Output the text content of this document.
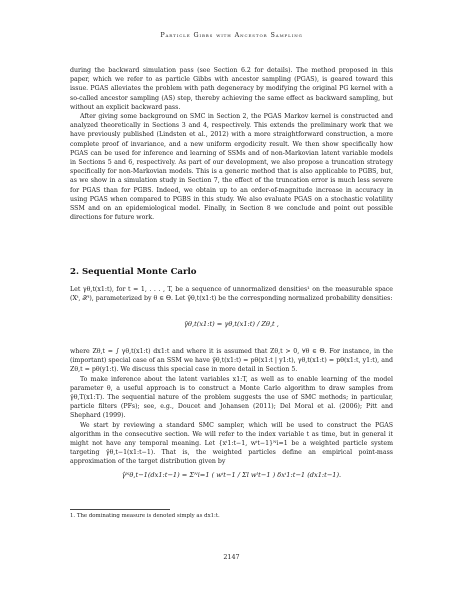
Particle Gibbs with Ancestor Sampling

during the backward simulation pass (see Section 6.2 for details). The method proposed in this paper, which we refer to as particle Gibbs with ancestor sampling (PGAS), is geared toward this issue. PGAS alleviates the problem with path degeneracy by modifying the original PG kernel with a so-called ancestor sampling (AS) step, thereby achieving the same effect as backward sampling, but without an explicit backward pass.

After giving some background on SMC in Section 2, the PGAS Markov kernel is constructed and analyzed theoretically in Sections 3 and 4, respectively. This extends the preliminary work that we have previously published (Lindsten et al., 2012) with a more straightforward construction, a more complete proof of invariance, and a new uniform ergodicity result. We then show specifically how PGAS can be used for inference and learning of SSMs and of non-Markovian latent variable models in Sections 5 and 6, respectively. As part of our development, we also propose a truncation strategy specifically for non-Markovian models. This is a generic method that is also applicable to PGBS, but, as we show in a simulation study in Section 7, the effect of the truncation error is much less severe for PGAS than for PGBS. Indeed, we obtain up to an order-of-magnitude increase in accuracy in using PGAS when compared to PGBS in this study. We also evaluate PGAS on a stochastic volatility SSM and on an epidemiological model. Finally, in Section 8 we conclude and point out possible directions for future work.

2. Sequential Monte Carlo

Let γθ,t(x1:t), for t = 1, . . . , T, be a sequence of unnormalized densities¹ on the measurable space (Xᵗ, 𝒳ᵗ), parameterized by θ ∈ Θ. Let γ̄θ,t(x1:t) be the corresponding normalized probability densities:

γ̄θ,t(x1:t) = γθ,t(x1:t) / Zθ,t ,

where Zθ,t = ∫ γθ,t(x1:t) dx1:t and where it is assumed that Zθ,t > 0, ∀θ ∈ Θ. For instance, in the (important) special case of an SSM we have γ̄θ,t(x1:t) = pθ(x1:t | y1:t), γθ,t(x1:t) = pθ(x1:t, y1:t), and Zθ,t = pθ(y1:t). We discuss this special case in more detail in Section 5.

To make inference about the latent variables x1:T, as well as to enable learning of the model parameter θ, a useful approach is to construct a Monte Carlo algorithm to draw samples from γ̄θ,T(x1:T). The sequential nature of the problem suggests the use of SMC methods; in particular, particle filters (PFs); see, e.g., Doucet and Johansen (2011); Del Moral et al. (2006); Pitt and Shephard (1999).

We start by reviewing a standard SMC sampler, which will be used to construct the PGAS algorithm in the consecutive section. We will refer to the index variable t as time, but in general it might not have any temporal meaning. Let {xⁱ1:t−1, wⁱt−1}ᴺi=1 be a weighted particle system targeting γ̄θ,t−1(x1:t−1). That is, the weighted particles define an empirical point-mass approximation of the target distribution given by

γ̂ᴺθ,t−1(dx1:t−1) = Σᴺi=1 ( wⁱt−1 / Σl wˡt−1 ) δxⁱ1:t−1 (dx1:t−1).
1. The dominating measure is denoted simply as dx1:t.
2147
